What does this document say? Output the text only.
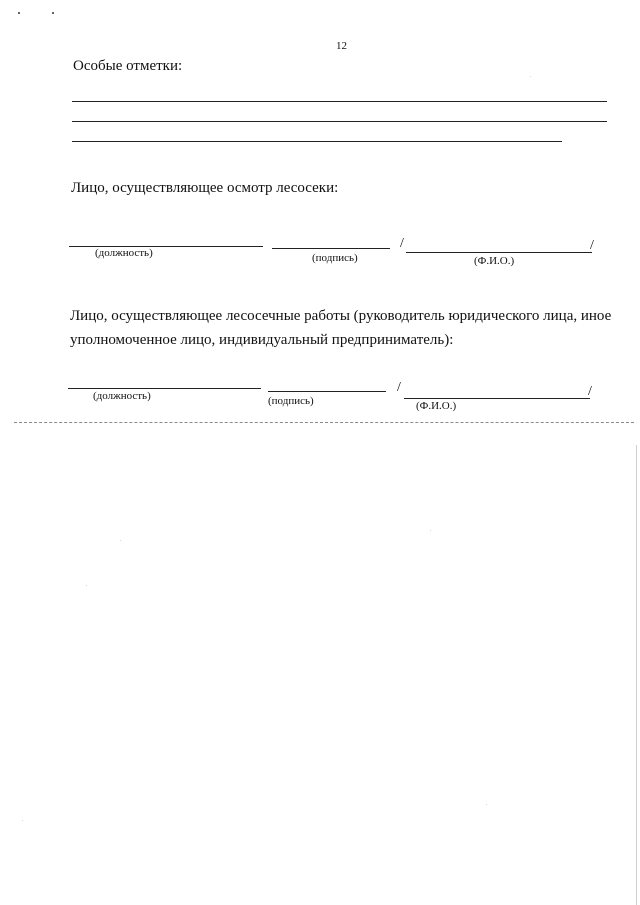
12

Особые отметки:

Лицо, осуществляющее осмотр лесосеки:

/	/

(должность)	(подпись)	(Ф.И.О.)

Лицо, осуществляющее лесосечные работы (руководитель юридического лица, иное уполномоченное лицо, индивидуальный предприниматель):

/	/

(должность)	(подпись)	(Ф.И.О.)
